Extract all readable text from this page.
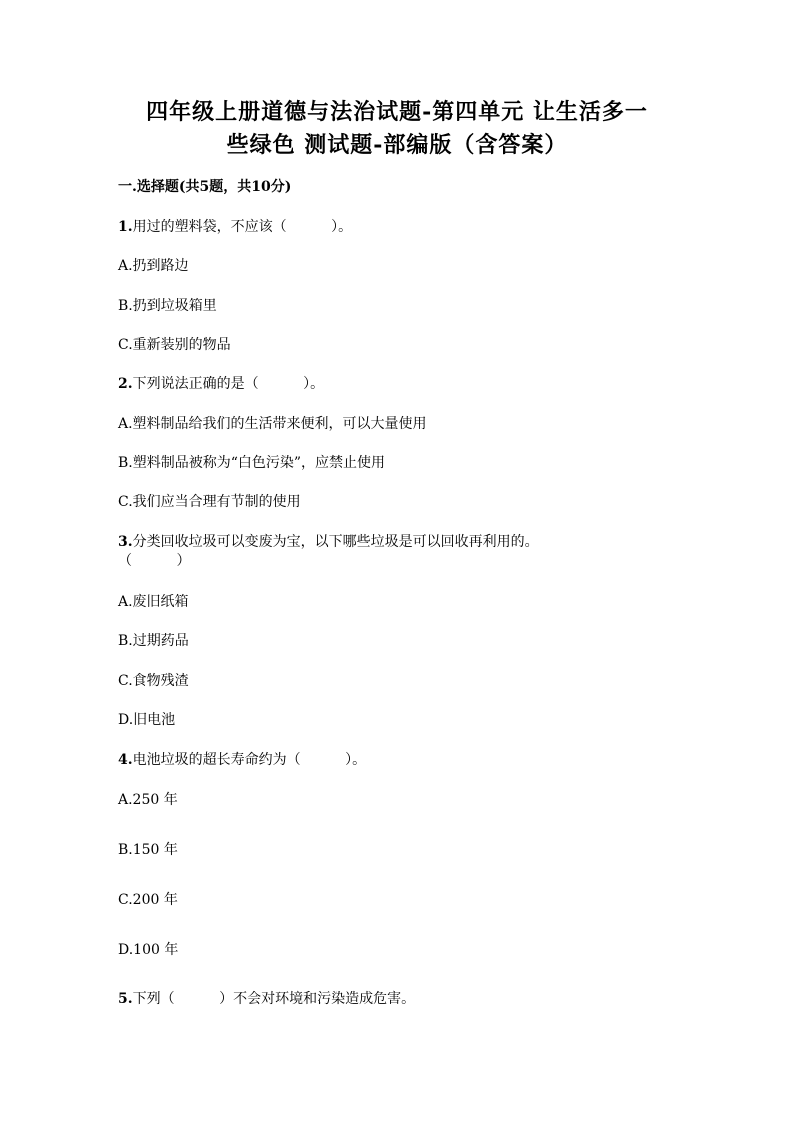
四年级上册道德与法治试题-第四单元 让生活多一
些绿色 测试题-部编版（含答案）
一.选择题(共5题，共10分)
1.用过的塑料袋，不应该（          ）。
A.扔到路边
B.扔到垃圾箱里
C.重新装别的物品
2.下列说法正确的是（          ）。
A.塑料制品给我们的生活带来便利，可以大量使用
B.塑料制品被称为“白色污染”，应禁止使用
C.我们应当合理有节制的使用
3.分类回收垃圾可以变废为宝，以下哪些垃圾是可以回收再利用的。
（          ）
A.废旧纸箱
B.过期药品
C.食物残渣
D.旧电池
4.电池垃圾的超长寿命约为（          ）。
A.250 年
B.150 年
C.200 年
D.100 年
5.下列（          ）不会对环境和污染造成危害。
